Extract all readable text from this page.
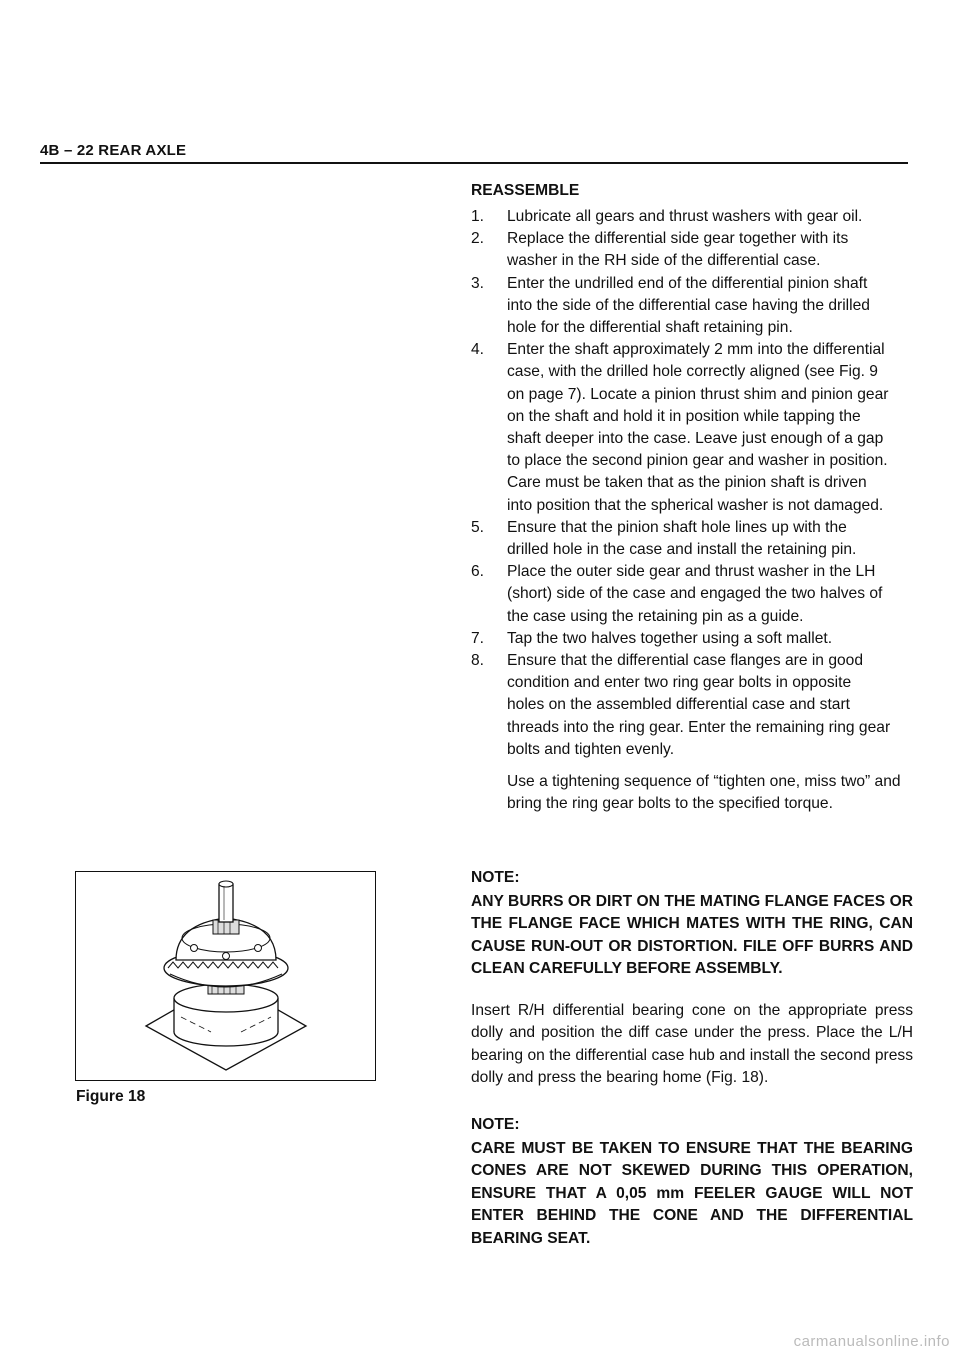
4B – 22 REAR AXLE
REASSEMBLE
1. Lubricate all gears and thrust washers with gear oil.
2. Replace the differential side gear together with its
washer in the RH side of the differential case.
3. Enter the undrilled end of the differential pinion shaft
into the side of the differential case having the drilled
hole for the differential shaft retaining pin.
4. Enter the shaft approximately 2 mm into the differential
case, with the drilled hole correctly aligned (see Fig. 9
on page 7). Locate a pinion thrust shim and pinion gear
on the shaft and hold it in position while tapping the
shaft deeper into the case. Leave just enough of a gap
to place the second pinion gear and washer in position.
Care must be taken that as the pinion shaft is driven
into position that the spherical washer is not damaged.
5. Ensure that the pinion shaft hole lines up with the
drilled hole in the case and install the retaining pin.
6. Place the outer side gear and thrust washer in the LH
(short) side of the case and engaged the two halves of
the case using the retaining pin as a guide.
7. Tap the two halves together using a soft mallet.
8. Ensure that the differential case flanges are in good
condition and enter two ring gear bolts in opposite
holes on the assembled differential case and start
threads into the ring gear. Enter the remaining ring gear
bolts and tighten evenly.
Use a tightening sequence of “tighten one, miss two” and
bring the ring gear bolts to the specified torque.
NOTE:
ANY BURRS OR DIRT ON THE MATING FLANGE FACES OR THE FLANGE FACE WHICH MATES WITH THE RING, CAN CAUSE RUN-OUT OR DISTORTION. FILE OFF BURRS AND CLEAN CAREFULLY BEFORE ASSEMBLY.
Insert R/H differential bearing cone on the appropriate press dolly and position the diff case under the press. Place the L/H bearing on the differential case hub and install the second press dolly and press the bearing home (Fig. 18).
NOTE:
CARE MUST BE TAKEN TO ENSURE THAT THE BEARING CONES ARE NOT SKEWED DURING THIS OPERATION, ENSURE THAT A 0,05 mm FEELER GAUGE WILL NOT ENTER BEHIND THE CONE AND THE DIFFERENTIAL BEARING SEAT.
Figure 18
carmanualsonline.info
